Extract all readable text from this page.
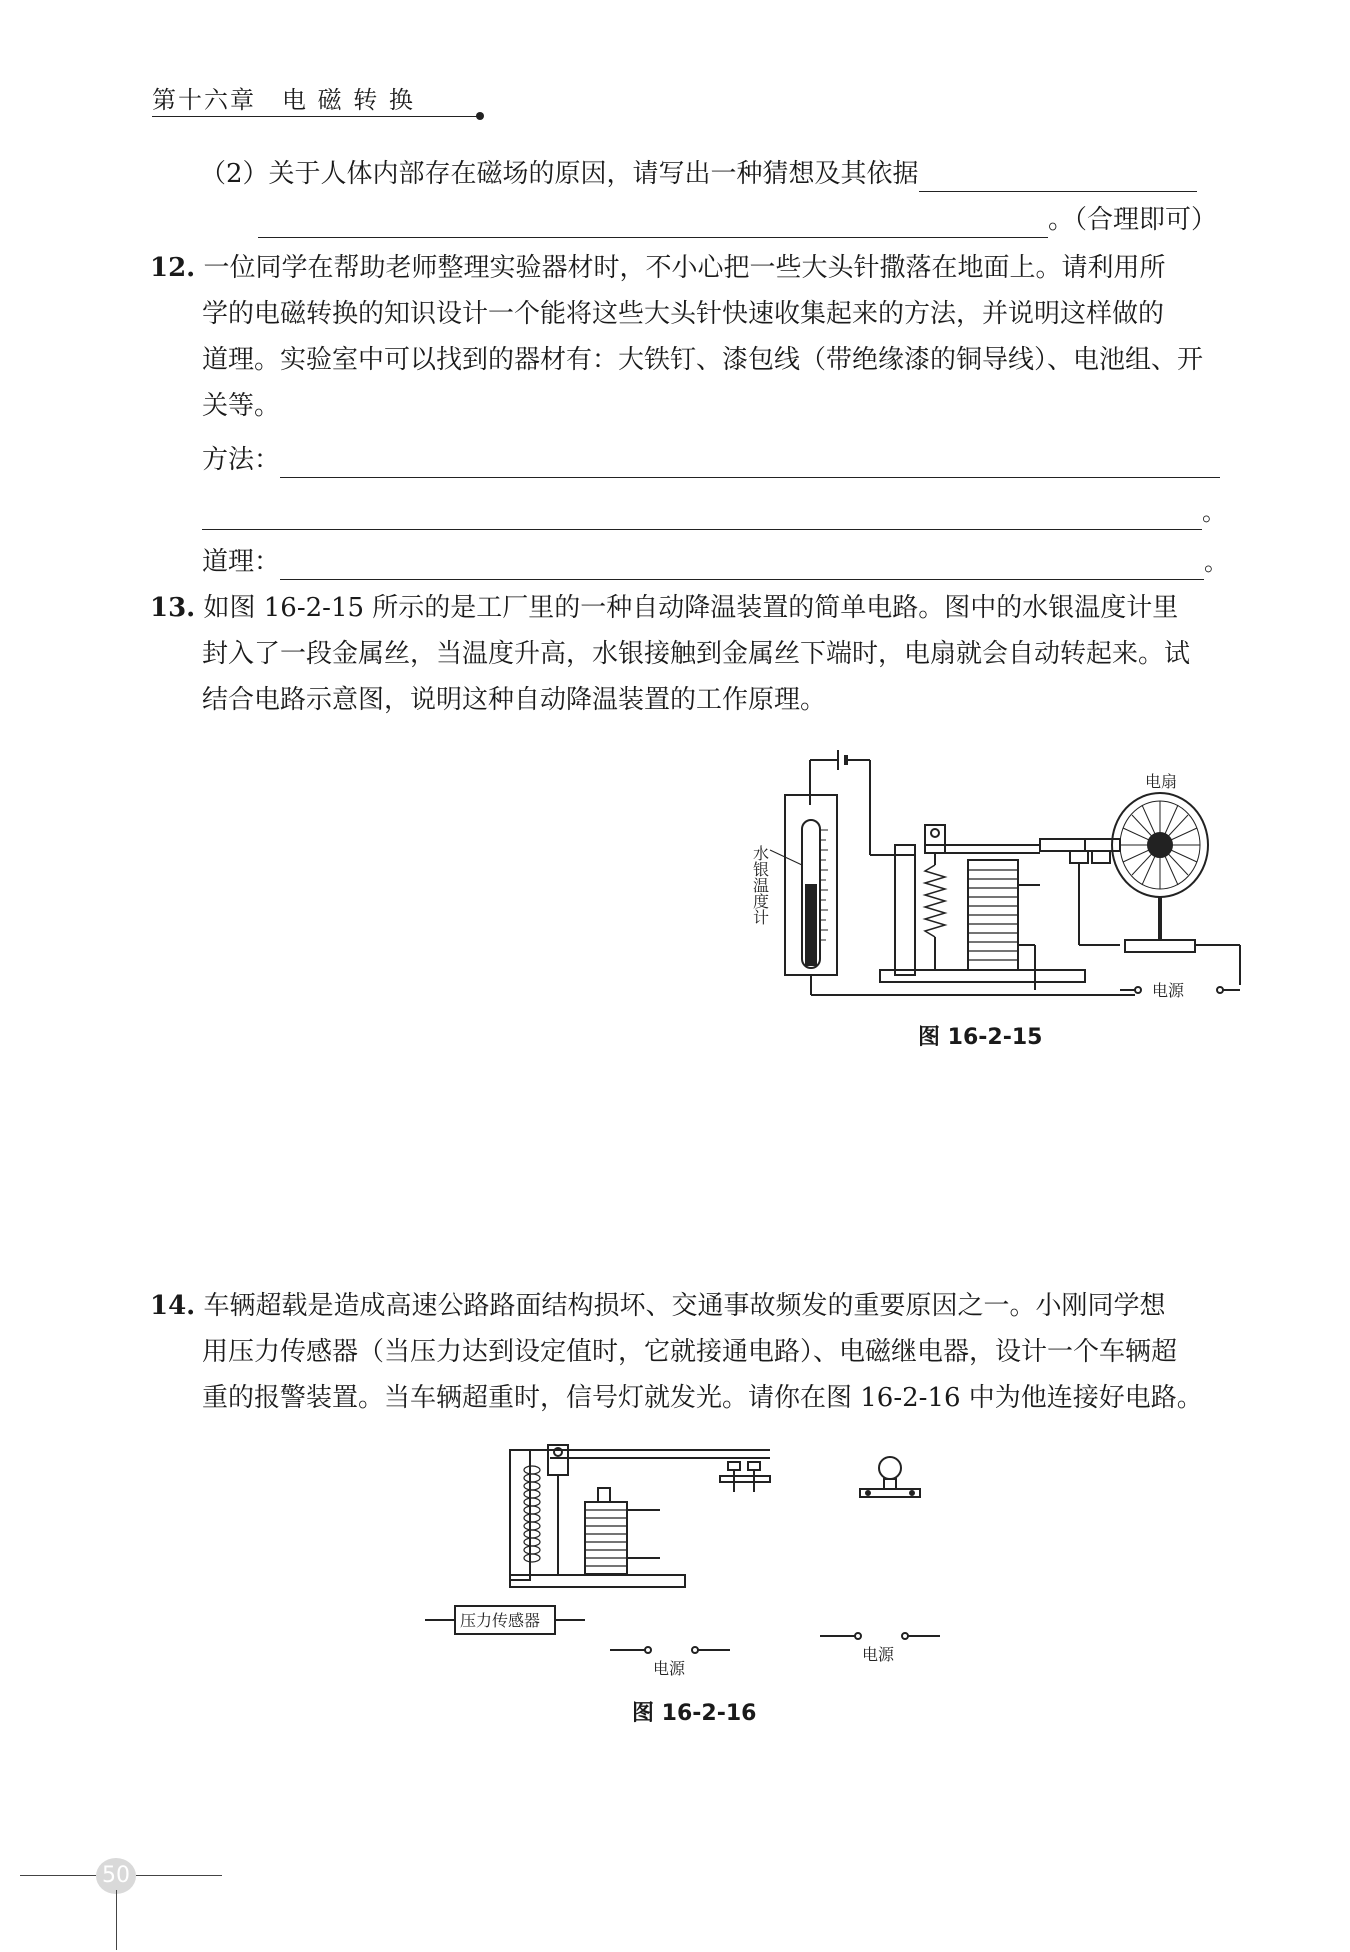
第十六章　电 磁 转 换
（2）关于人体内部存在磁场的原因，请写出一种猜想及其依据
。（合理即可）
12. 一位同学在帮助老师整理实验器材时，不小心把一些大头针撒落在地面上。请利用所
学的电磁转换的知识设计一个能将这些大头针快速收集起来的方法，并说明这样做的
道理。实验室中可以找到的器材有：大铁钉、漆包线（带绝缘漆的铜导线）、电池组、开
关等。
方法：
。
道理：	。
13. 如图 16-2-15 所示的是工厂里的一种自动降温装置的简单电路。图中的水银温度计里
封入了一段金属丝，当温度升高，水银接触到金属丝下端时，电扇就会自动转起来。试
结合电路示意图，说明这种自动降温装置的工作原理。
水银温度计
电扇
电源
图 16-2-15
14. 车辆超载是造成高速公路路面结构损坏、交通事故频发的重要原因之一。小刚同学想
用压力传感器（当压力达到设定值时，它就接通电路）、电磁继电器，设计一个车辆超
重的报警装置。当车辆超重时，信号灯就发光。请你在图 16-2-16 中为他连接好电路。
压力传感器
电源
电源
图 16-2-16
50
